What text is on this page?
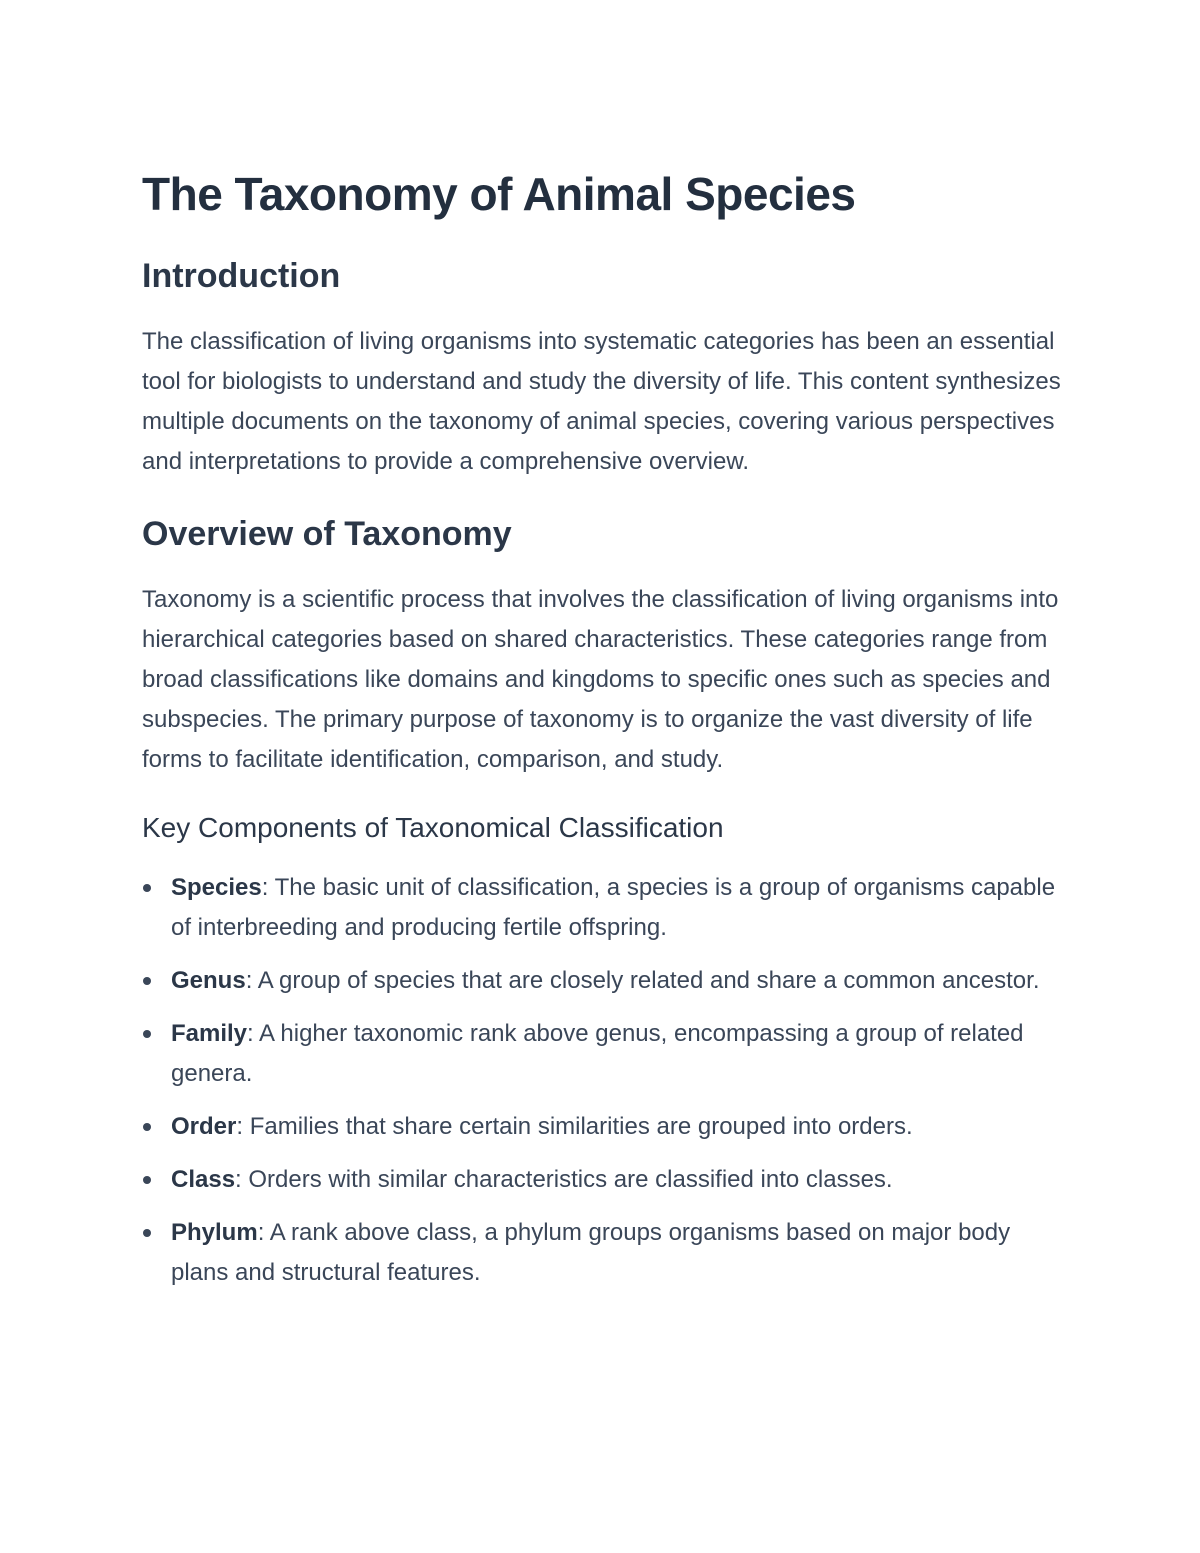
The Taxonomy of Animal Species
Introduction

The classification of living organisms into systematic categories has been an essential tool for biologists to understand and study the diversity of life. This content synthesizes multiple documents on the taxonomy of animal species, covering various perspectives and interpretations to provide a comprehensive overview.

Overview of Taxonomy

Taxonomy is a scientific process that involves the classification of living organisms into hierarchical categories based on shared characteristics. These categories range from broad classifications like domains and kingdoms to specific ones such as species and subspecies. The primary purpose of taxonomy is to organize the vast diversity of life forms to facilitate identification, comparison, and study.

Key Components of Taxonomical Classification
Species: The basic unit of classification, a species is a group of organisms capable of interbreeding and producing fertile offspring.
Genus: A group of species that are closely related and share a common ancestor.
Family: A higher taxonomic rank above genus, encompassing a group of related genera.
Order: Families that share certain similarities are grouped into orders.
Class: Orders with similar characteristics are classified into classes.
Phylum: A rank above class, a phylum groups organisms based on major body plans and structural features.
